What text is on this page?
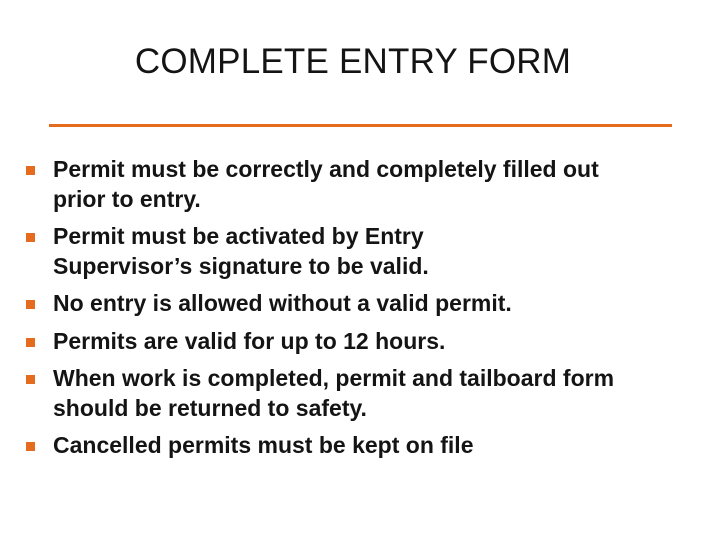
COMPLETE ENTRY FORM
Permit must be correctly and completely filled out prior to entry.
Permit must be activated by Entry Supervisor’s signature to be valid.
No entry is allowed without a valid permit.
Permits are valid for up to 12 hours.
When work is completed, permit and tailboard form should be returned to safety.
Cancelled permits must be kept on file
